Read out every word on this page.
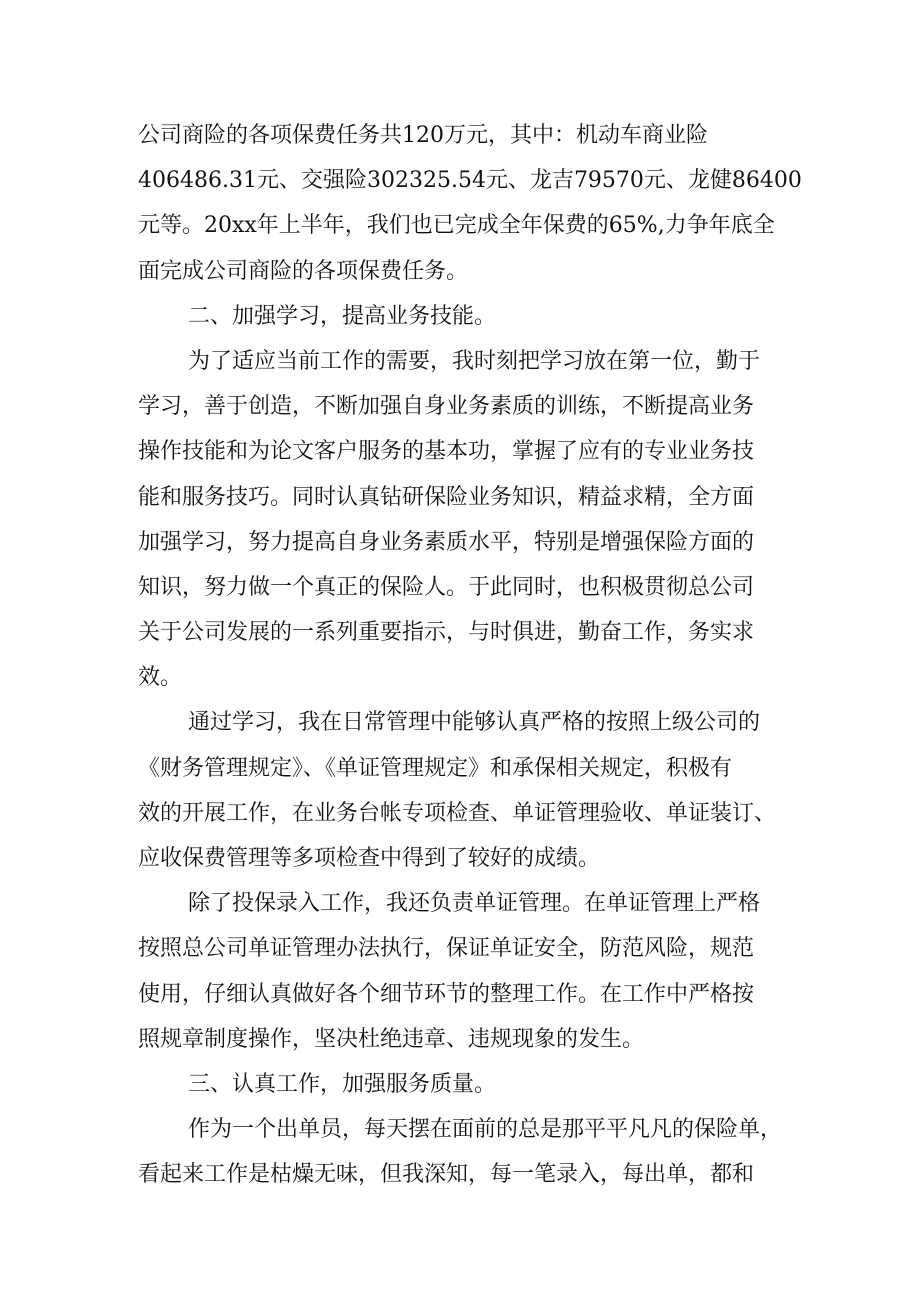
公司商险的各项保费任务共120万元，其中：机动车商业险
406486.31元、交强险302325.54元、龙吉79570元、龙健86400
元等。20xx年上半年，我们也已完成全年保费的65%,力争年底全
面完成公司商险的各项保费任务。
二、加强学习，提高业务技能。
为了适应当前工作的需要，我时刻把学习放在第一位，勤于
学习，善于创造，不断加强自身业务素质的训练，不断提高业务
操作技能和为论文客户服务的基本功，掌握了应有的专业业务技
能和服务技巧。同时认真钻研保险业务知识，精益求精，全方面
加强学习，努力提高自身业务素质水平，特别是增强保险方面的
知识，努力做一个真正的保险人。于此同时，也积极贯彻总公司
关于公司发展的一系列重要指示，与时俱进，勤奋工作，务实求
效。
通过学习，我在日常管理中能够认真严格的按照上级公司的
《财务管理规定》、《单证管理规定》和承保相关规定，积极有
效的开展工作，在业务台帐专项检查、单证管理验收、单证装订、
应收保费管理等多项检查中得到了较好的成绩。
除了投保录入工作，我还负责单证管理。在单证管理上严格
按照总公司单证管理办法执行，保证单证安全，防范风险，规范
使用，仔细认真做好各个细节环节的整理工作。在工作中严格按
照规章制度操作，坚决杜绝违章、违规现象的发生。
三、认真工作，加强服务质量。
作为一个出单员，每天摆在面前的总是那平平凡凡的保险单，
看起来工作是枯燥无味，但我深知，每一笔录入，每出单，都和
